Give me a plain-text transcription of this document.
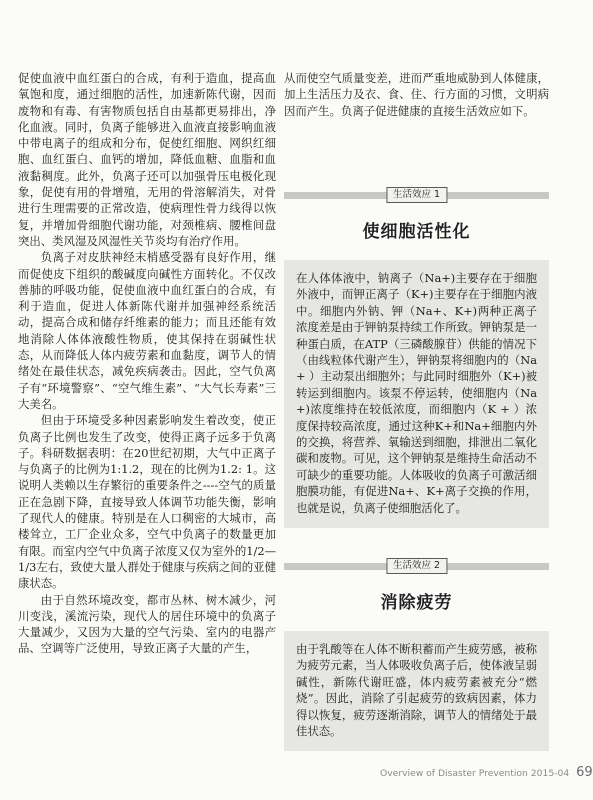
促使血液中血红蛋白的合成，有利于造血，提高血氧饱和度，通过细胞的活性，加速新陈代谢，因而废物和有毒、有害物质包括自由基都更易排出，净化血液。同时，负离子能够进入血液直接影响血液中带电离子的组成和分布，促使红细胞、网织红细胞、血红蛋白、血钙的增加，降低血糖、血脂和血液黏稠度。此外，负离子还可以加强骨压电极化现象，促使有用的骨增殖，无用的骨溶解消失，对骨进行生理需要的正常改造，使病理性骨力线得以恢复，并增加骨细胞代谢功能，对颈椎病、腰椎间盘突出、类风湿及风湿性关节炎均有治疗作用。

负离子对皮肤神经末梢感受器有良好作用，继而促使皮下组织的酸碱度向碱性方面转化。不仅改善肺的呼吸功能，促使血液中血红蛋白的合成，有利于造血，促进人体新陈代谢并加强神经系统活动，提高合成和储存纤维素的能力；而且还能有效地消除人体体液酸性物质，使其保持在弱碱性状态，从而降低人体内疲劳素和血黏度，调节人的情绪处在最佳状态，减免疾病袭击。因此，空气负离子有“环境警察”、“空气维生素”、“大气长寿素”三大美名。

但由于环境受多种因素影响发生着改变，使正负离子比例也发生了改变，使得正离子远多于负离子。科研数据表明：在20世纪初期，大气中正离子与负离子的比例为1:1.2，现在的比例为1.2: 1。这说明人类赖以生存繁衍的重要条件之----空气的质量正在急剧下降，直接导致人体调节功能失衡，影响了现代人的健康。特别是在人口稠密的大城市，高楼耸立，工厂企业众多，空气中负离子的数量更加有限。而室内空气中负离子浓度又仅为室外的1/2—1/3左右，致使大量人群处于健康与疾病之间的亚健康状态。

由于自然环境改变，都市丛林、树木减少，河川变浅，溪流污染，现代人的居住环境中的负离子大量减少，又因为大量的空气污染、室内的电器产品、空调等广泛使用，导致正离子大量的产生，

从而使空气质量变差，进而严重地威胁到人体健康，加上生活压力及衣、食、住、行方面的习惯，文明病因而产生。负离子促进健康的直接生活效应如下。

生活效应 1
使细胞活性化

在人体体液中，钠离子（Na+)主要存在于细胞外液中，而钾正离子（K+)主要存在于细胞内液中。细胞内外钠、钾（Na+、K+)两种正离子浓度差是由于钾钠泵持续工作所致。钾钠泵是一种蛋白质，在ATP（三磷酸腺苷）供能的情况下（由线粒体代谢产生），钾钠泵将细胞内的（Na+ ）主动泵出细胞外；与此同时细胞外（K+)被转运到细胞内。该泵不停运转，使细胞内（Na+)浓度维持在较低浓度，而细胞内（K + ）浓度保持较高浓度，通过这种K+和Na+细胞内外的交换，将营养、氧输送到细胞，排泄出二氧化碳和废物。可见，这个钾钠泵是维持生命活动不可缺少的重要功能。人体吸收的负离子可激活细胞膜功能，有促进Na+、K+离子交换的作用，也就是说，负离子使细胞活化了。

生活效应 2
消除疲劳

由于乳酸等在人体不断积蓄而产生疲劳感，被称为疲劳元素，当人体吸收负离子后，使体液呈弱碱性，新陈代谢旺盛，体内疲劳素被充分“燃烧”。因此，消除了引起疲劳的致病因素，体力得以恢复，疲劳逐渐消除，调节人的情绪处于最佳状态。

Overview of Disaster Prevention 2015-04 69
